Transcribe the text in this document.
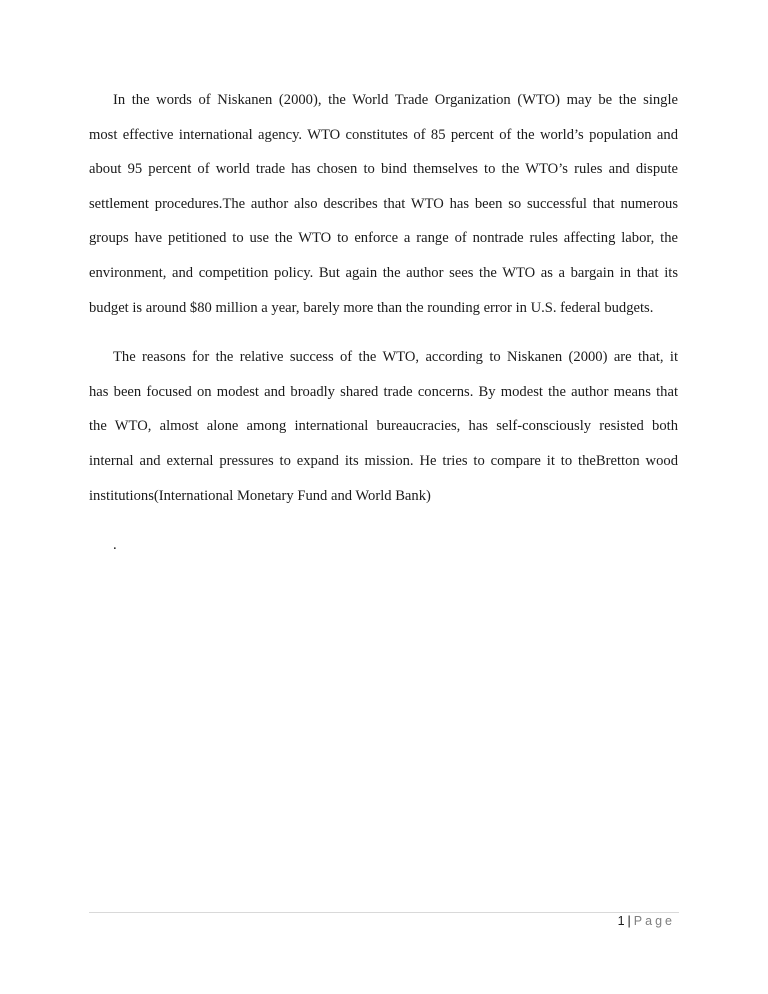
In the words of Niskanen (2000), the World Trade Organization (WTO) may be the single
most effective international agency. WTO constitutes of 85 percent of the world’s population and
about 95 percent of world trade has chosen to bind themselves to the WTO’s rules and dispute
settlement procedures.The author also describes that WTO has been so successful that numerous
groups have petitioned to use the WTO to enforce a range of nontrade rules affecting labor, the
environment, and competition policy. But again the author sees the WTO as a bargain in that its
budget is around $80 million a year, barely more than the rounding error in U.S. federal budgets.
The reasons for the relative success of the WTO, according to Niskanen (2000) are that, it
has been focused on modest and broadly shared trade concerns. By modest the author means that
the WTO, almost alone among international bureaucracies, has self-consciously resisted both
internal and external pressures to expand its mission. He tries to compare it to theBretton wood
institutions(International Monetary Fund and World Bank)
.
1 | Page
